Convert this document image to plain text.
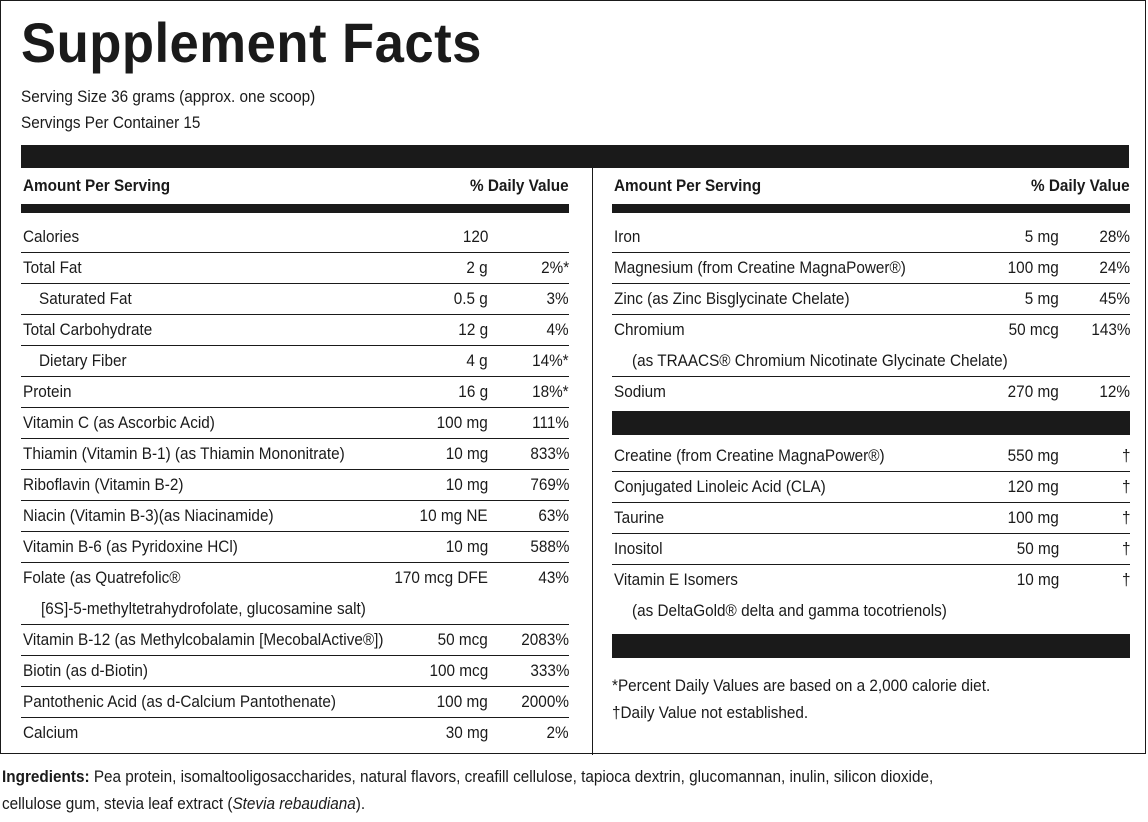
Supplement Facts
Serving Size 36 grams (approx. one scoop)
Servings Per Container 15
Amount Per Serving	% Daily Value
Calories	120
Total Fat	2 g	2%*
Saturated Fat	0.5 g	3%
Total Carbohydrate	12 g	4%
Dietary Fiber	4 g	14%*
Protein	16 g	18%*
Vitamin C (as Ascorbic Acid)	100 mg	111%
Thiamin (Vitamin B-1) (as Thiamin Mononitrate)	10 mg 833%
Riboflavin (Vitamin B-2)	10 mg 769%
Niacin (Vitamin B-3)(as Niacinamide)	10 mg NE	63%
Vitamin B-6 (as Pyridoxine HCl)	10 mg 588%
Folate (as Quatrefolic®	170 mcg DFE	43%
[6S]-5-methyltetrahydrofolate, glucosamine salt)
Vitamin B-12 (as Methylcobalamin [MecobalActive®])	50 mcg 2083%
Biotin (as d-Biotin)	100 mcg 333%
Pantothenic Acid (as d-Calcium Pantothenate)	100 mg 2000%
Calcium	30 mg	2%
Amount Per Serving	% Daily Value
Iron	5 mg 28%
Magnesium (from Creatine MagnaPower®)	100 mg 24%
Zinc (as Zinc Bisglycinate Chelate)	5 mg 45%
Chromium	50 mcg 143%
(as TRAACS® Chromium Nicotinate Glycinate Chelate)
Sodium	270 mg 12%
Creatine (from Creatine MagnaPower®)	550 mg	†
Conjugated Linoleic Acid (CLA)	120 mg	†
Taurine	100 mg	†
Inositol	50 mg	†
Vitamin E Isomers	10 mg	†
(as DeltaGold® delta and gamma tocotrienols)
*Percent Daily Values are based on a 2,000 calorie diet.
†Daily Value not established.
Ingredients: Pea protein, isomaltooligosaccharides, natural flavors, creafill cellulose, tapioca dextrin, glucomannan, inulin, silicon dioxide,
cellulose gum, stevia leaf extract (Stevia rebaudiana).
